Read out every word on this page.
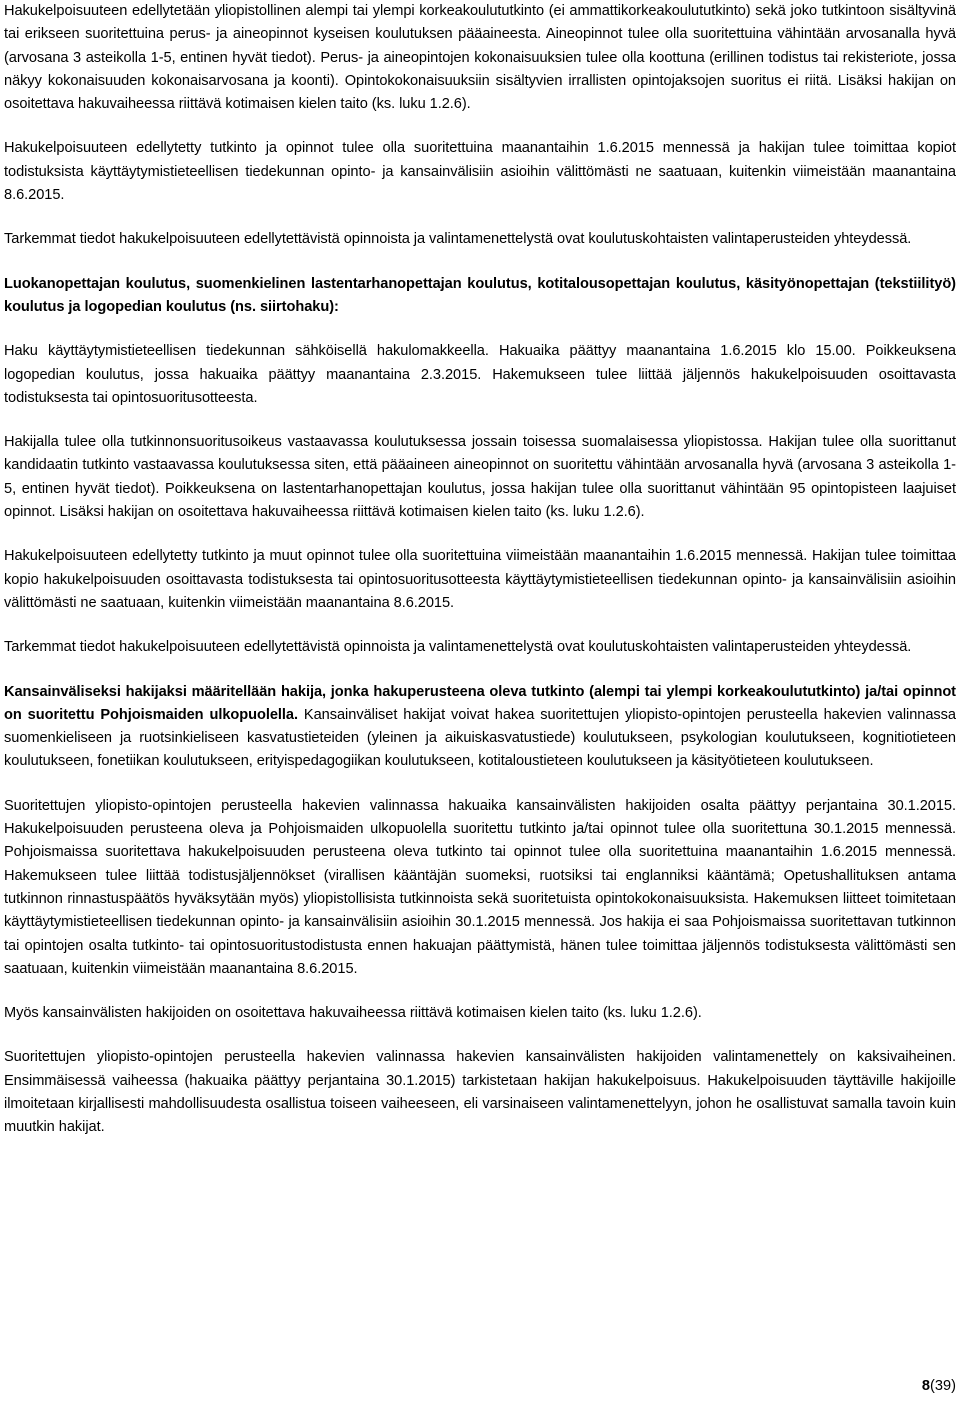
Hakukelpoisuuteen edellytetään yliopistollinen alempi tai ylempi korkeakoulututkinto (ei ammattikorkeakoulututkinto) sekä joko tutkintoon sisältyvinä tai erikseen suoritettuina perus- ja aineopinnot kyseisen koulutuksen pääaineesta. Aineopinnot tulee olla suoritettuina vähintään arvosanalla hyvä (arvosana 3 asteikolla 1-5, entinen hyvät tiedot). Perus- ja aineopintojen kokonaisuuksien tulee olla koottuna (erillinen todistus tai rekisteriote, jossa näkyy kokonaisuuden kokonaisarvosana ja koonti). Opintokokonaisuuksiin sisältyvien irrallisten opintojaksojen suoritus ei riitä. Lisäksi hakijan on osoitettava hakuvaiheessa riittävä kotimaisen kielen taito (ks. luku 1.2.6).

Hakukelpoisuuteen edellytetty tutkinto ja opinnot tulee olla suoritettuina maanantaihin 1.6.2015 mennessä ja hakijan tulee toimittaa kopiot todistuksista käyttäytymistieteellisen tiedekunnan opinto- ja kansainvälisiin asioihin välittömästi ne saatuaan, kuitenkin viimeistään maanantaina 8.6.2015.

Tarkemmat tiedot hakukelpoisuuteen edellytettävistä opinnoista ja valintamenettelystä ovat koulutuskohtaisten valintaperusteiden yhteydessä.

Luokanopettajan koulutus, suomenkielinen lastentarhanopettajan koulutus, kotitalousopettajan koulutus, käsityönopettajan (tekstiilityö) koulutus ja logopedian koulutus (ns. siirtohaku):

Haku käyttäytymistieteellisen tiedekunnan sähköisellä hakulomakkeella. Hakuaika päättyy maanantaina 1.6.2015 klo 15.00. Poikkeuksena logopedian koulutus, jossa hakuaika päättyy maanantaina 2.3.2015. Hakemukseen tulee liittää jäljennös hakukelpoisuuden osoittavasta todistuksesta tai opintosuoritusotteesta.

Hakijalla tulee olla tutkinnonsuoritusoikeus vastaavassa koulutuksessa jossain toisessa suomalaisessa yliopistossa. Hakijan tulee olla suorittanut kandidaatin tutkinto vastaavassa koulutuksessa siten, että pääaineen aineopinnot on suoritettu vähintään arvosanalla hyvä (arvosana 3 asteikolla 1-5, entinen hyvät tiedot). Poikkeuksena on lastentarhanopettajan koulutus, jossa hakijan tulee olla suorittanut vähintään 95 opintopisteen laajuiset opinnot. Lisäksi hakijan on osoitettava hakuvaiheessa riittävä kotimaisen kielen taito (ks. luku 1.2.6).

Hakukelpoisuuteen edellytetty tutkinto ja muut opinnot tulee olla suoritettuina viimeistään maanantaihin 1.6.2015 mennessä. Hakijan tulee toimittaa kopio hakukelpoisuuden osoittavasta todistuksesta tai opintosuoritusotteesta käyttäytymistieteellisen tiedekunnan opinto- ja kansainvälisiin asioihin välittömästi ne saatuaan, kuitenkin viimeistään maanantaina 8.6.2015.

Tarkemmat tiedot hakukelpoisuuteen edellytettävistä opinnoista ja valintamenettelystä ovat koulutuskohtaisten valintaperusteiden yhteydessä.

Kansainväliseksi hakijaksi määritellään hakija, jonka hakuperusteena oleva tutkinto (alempi tai ylempi korkeakoulututkinto) ja/tai opinnot on suoritettu Pohjoismaiden ulkopuolella. Kansainväliset hakijat voivat hakea suoritettujen yliopisto-opintojen perusteella hakevien valinnassa suomenkieliseen ja ruotsinkieliseen kasvatustieteiden (yleinen ja aikuiskasvatustiede) koulutukseen, psykologian koulutukseen, kognitiotieteen koulutukseen, fonetiikan koulutukseen, erityispedagogiikan koulutukseen, kotitaloustieteen koulutukseen ja käsityötieteen koulutukseen.

Suoritettujen yliopisto-opintojen perusteella hakevien valinnassa hakuaika kansainvälisten hakijoiden osalta päättyy perjantaina 30.1.2015. Hakukelpoisuuden perusteena oleva ja Pohjoismaiden ulkopuolella suoritettu tutkinto ja/tai opinnot tulee olla suoritettuna 30.1.2015 mennessä. Pohjoismaissa suoritettava hakukelpoisuuden perusteena oleva tutkinto tai opinnot tulee olla suoritettuina maanantaihin 1.6.2015 mennessä. Hakemukseen tulee liittää todistusjäljennökset (virallisen kääntäjän suomeksi, ruotsiksi tai englanniksi kääntämä; Opetushallituksen antama tutkinnon rinnastuspäätös hyväksytään myös) yliopistollisista tutkinnoista sekä suoritetuista opintokokonaisuuksista. Hakemuksen liitteet toimitetaan käyttäytymistieteellisen tiedekunnan opinto- ja kansainvälisiin asioihin 30.1.2015 mennessä. Jos hakija ei saa Pohjoismaissa suoritettavan tutkinnon tai opintojen osalta tutkinto- tai opintosuoritustodistusta ennen hakuajan päättymistä, hänen tulee toimittaa jäljennös todistuksesta välittömästi sen saatuaan, kuitenkin viimeistään maanantaina 8.6.2015.

Myös kansainvälisten hakijoiden on osoitettava hakuvaiheessa riittävä kotimaisen kielen taito (ks. luku 1.2.6).

Suoritettujen yliopisto-opintojen perusteella hakevien valinnassa hakevien kansainvälisten hakijoiden valintamenettely on kaksivaiheinen. Ensimmäisessä vaiheessa (hakuaika päättyy perjantaina 30.1.2015) tarkistetaan hakijan hakukelpoisuus. Hakukelpoisuuden täyttäville hakijoille ilmoitetaan kirjallisesti mahdollisuudesta osallistua toiseen vaiheeseen, eli varsinaiseen valintamenettelyyn, johon he osallistuvat samalla tavoin kuin muutkin hakijat.

8(39)
